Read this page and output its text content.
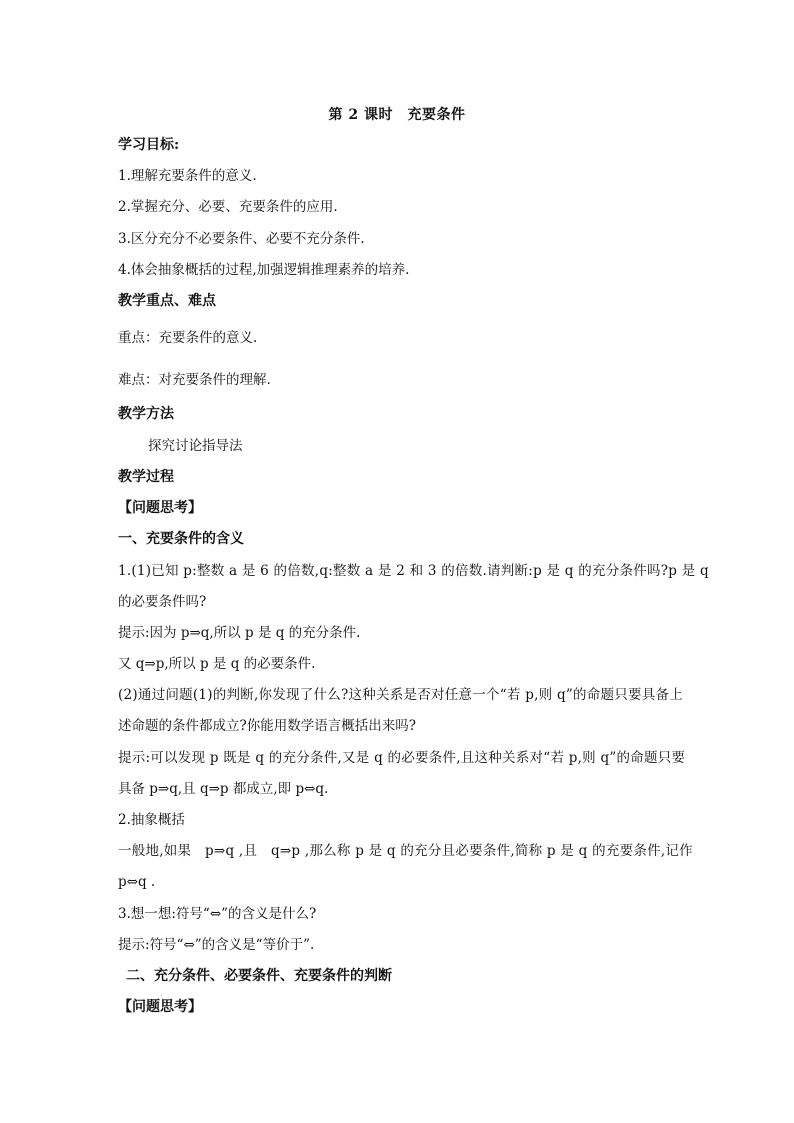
第 2 课时　充要条件
学习目标:
1.理解充要条件的意义.
2.掌握充分、必要、充要条件的应用.
3.区分充分不必要条件、必要不充分条件.
4.体会抽象概括的过程,加强逻辑推理素养的培养.
教学重点、难点
重点：充要条件的意义.
难点：对充要条件的理解.
教学方法
探究讨论指导法
教学过程
【问题思考】
一、充要条件的含义
1.(1)已知 p:整数 a 是 6 的倍数,q:整数 a 是 2 和 3 的倍数.请判断:p 是 q 的充分条件吗?p 是 q
的必要条件吗?
提示:因为 p⇒q,所以 p 是 q 的充分条件.
又 q⇒p,所以 p 是 q 的必要条件.
(2)通过问题(1)的判断,你发现了什么?这种关系是否对任意一个“若 p,则 q”的命题只要具备上
述命题的条件都成立?你能用数学语言概括出来吗?
提示:可以发现 p 既是 q 的充分条件,又是 q 的必要条件,且这种关系对“若 p,则 q”的命题只要
具备 p⇒q,且 q⇒p 都成立,即 p⇔q.
2.抽象概括
一般地,如果　p⇒q ,且　q⇒p ,那么称 p 是 q 的充分且必要条件,简称 p 是 q 的充要条件,记作
p⇔q .
3.想一想:符号“⇔”的含义是什么?
提示:符号“⇔”的含义是“等价于”.
二、充分条件、必要条件、充要条件的判断
【问题思考】
